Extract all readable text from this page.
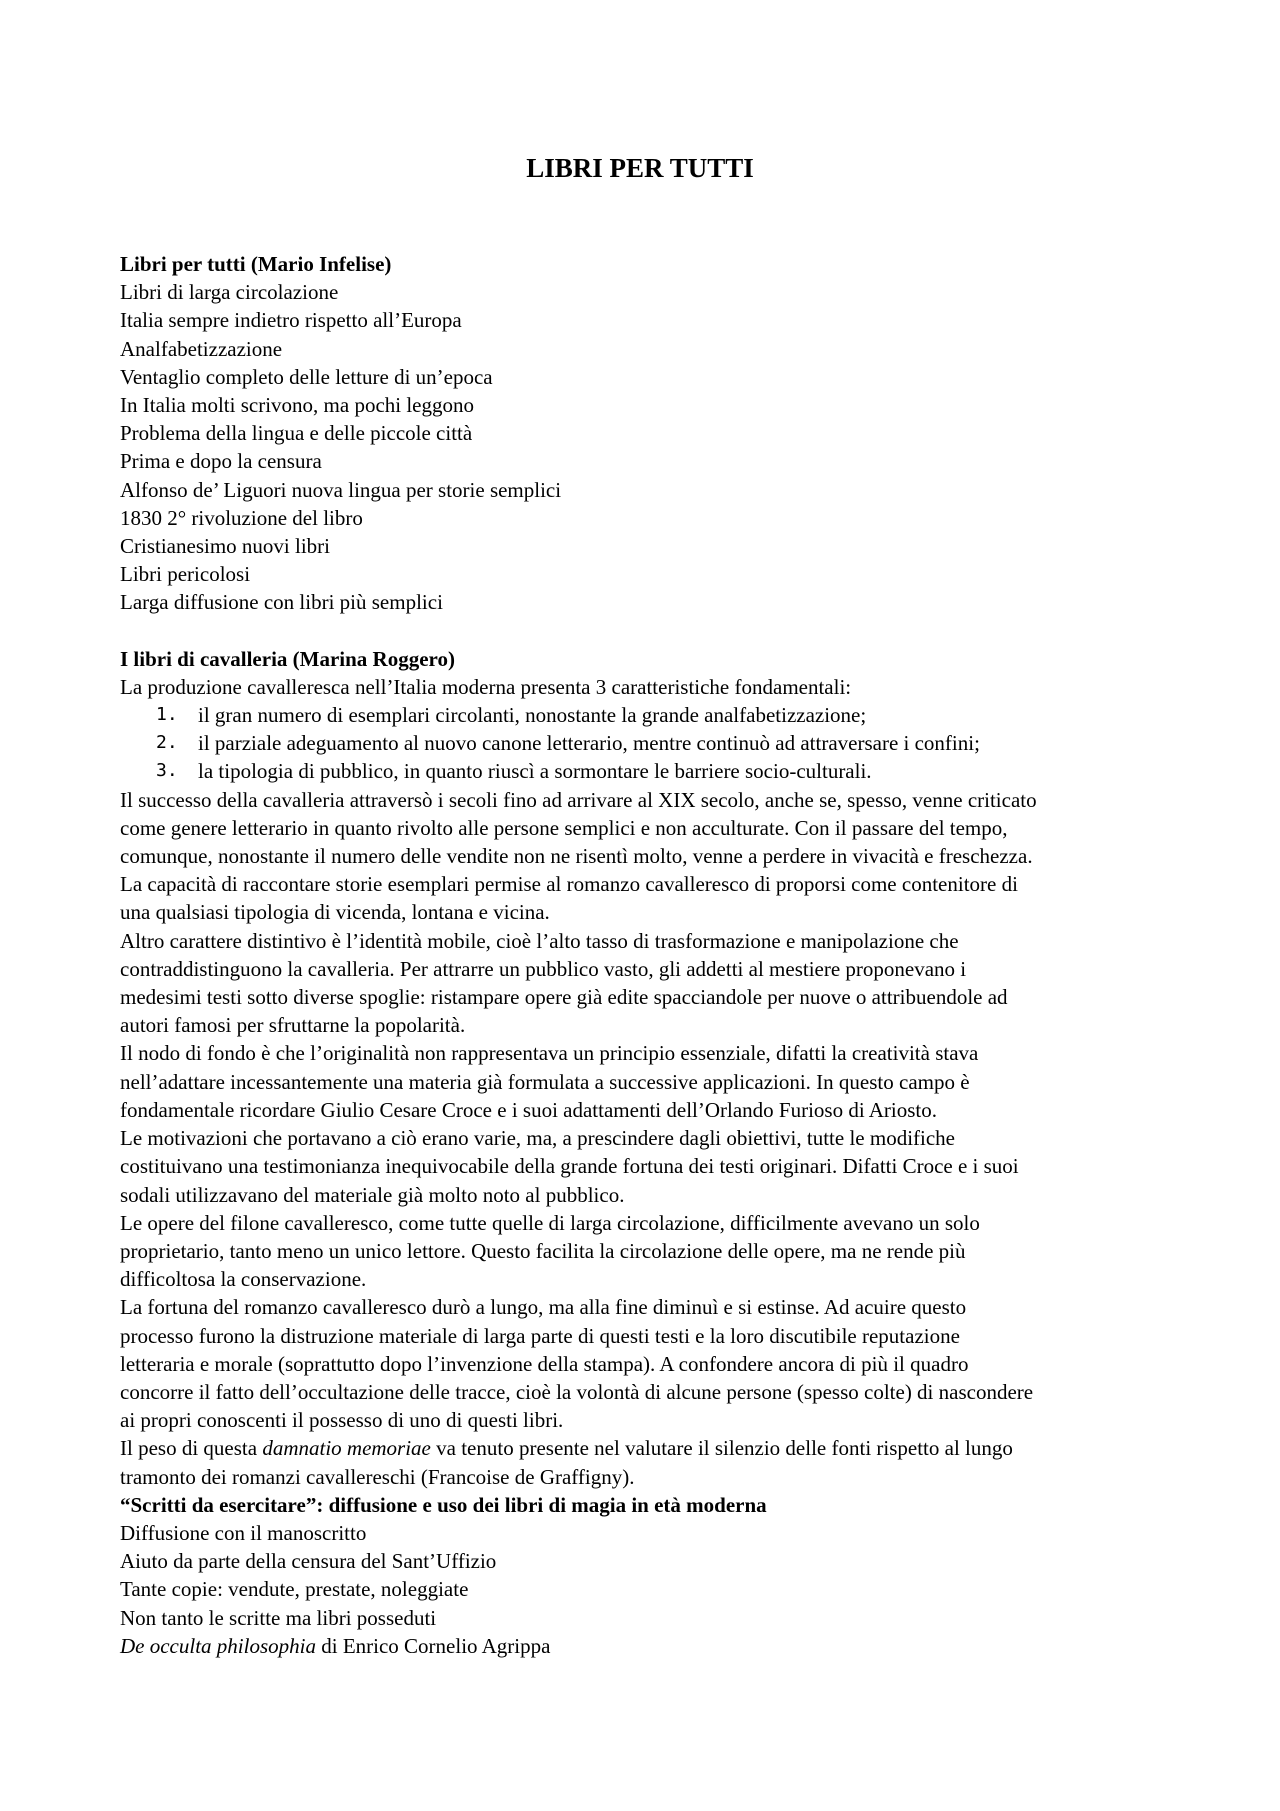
LIBRI PER TUTTI
Libri per tutti (Mario Infelise)
Libri di larga circolazione
Italia sempre indietro rispetto all’Europa
Analfabetizzazione
Ventaglio completo delle letture di un’epoca
In Italia molti scrivono, ma pochi leggono
Problema della lingua e delle piccole città
Prima e dopo la censura
Alfonso de’ Liguori nuova lingua per storie semplici
1830 2° rivoluzione del libro
Cristianesimo nuovi libri
Libri pericolosi
Larga diffusione con libri più semplici
I libri di cavalleria (Marina Roggero)
La produzione cavalleresca nell’Italia moderna presenta 3 caratteristiche fondamentali:
1. il gran numero di esemplari circolanti, nonostante la grande analfabetizzazione;
2. il parziale adeguamento al nuovo canone letterario, mentre continuò ad attraversare i confini;
3. la tipologia di pubblico, in quanto riuscì a sormontare le barriere socio-culturali.
Il successo della cavalleria attraversò i secoli fino ad arrivare al XIX secolo, anche se, spesso, venne criticato
come genere letterario in quanto rivolto alle persone semplici e non acculturate. Con il passare del tempo,
comunque, nonostante il numero delle vendite non ne risentì molto, venne a perdere in vivacità e freschezza.
La capacità di raccontare storie esemplari permise al romanzo cavalleresco di proporsi come contenitore di
una qualsiasi tipologia di vicenda, lontana e vicina.
Altro carattere distintivo è l’identità mobile, cioè l’alto tasso di trasformazione e manipolazione che
contraddistinguono la cavalleria. Per attrarre un pubblico vasto, gli addetti al mestiere proponevano i
medesimi testi sotto diverse spoglie: ristampare opere già edite spacciandole per nuove o attribuendole ad
autori famosi per sfruttarne la popolarità.
Il nodo di fondo è che l’originalità non rappresentava un principio essenziale, difatti la creatività stava
nell’adattare incessantemente una materia già formulata a successive applicazioni. In questo campo è
fondamentale ricordare Giulio Cesare Croce e i suoi adattamenti dell’Orlando Furioso di Ariosto.
Le motivazioni che portavano a ciò erano varie, ma, a prescindere dagli obiettivi, tutte le modifiche
costituivano una testimonianza inequivocabile della grande fortuna dei testi originari. Difatti Croce e i suoi
sodali utilizzavano del materiale già molto noto al pubblico.
Le opere del filone cavalleresco, come tutte quelle di larga circolazione, difficilmente avevano un solo
proprietario, tanto meno un unico lettore. Questo facilita la circolazione delle opere, ma ne rende più
difficoltosa la conservazione.
La fortuna del romanzo cavalleresco durò a lungo, ma alla fine diminuì e si estinse. Ad acuire questo
processo furono la distruzione materiale di larga parte di questi testi e la loro discutibile reputazione
letteraria e morale (soprattutto dopo l’invenzione della stampa). A confondere ancora di più il quadro
concorre il fatto dell’occultazione delle tracce, cioè la volontà di alcune persone (spesso colte) di nascondere
ai propri conoscenti il possesso di uno di questi libri.
Il peso di questa damnatio memoriae va tenuto presente nel valutare il silenzio delle fonti rispetto al lungo
tramonto dei romanzi cavallereschi (Francoise de Graffigny).
“Scritti da esercitare”: diffusione e uso dei libri di magia in età moderna
Diffusione con il manoscritto
Aiuto da parte della censura del Sant’Uffizio
Tante copie: vendute, prestate, noleggiate
Non tanto le scritte ma libri posseduti
De occulta philosophia di Enrico Cornelio Agrippa
